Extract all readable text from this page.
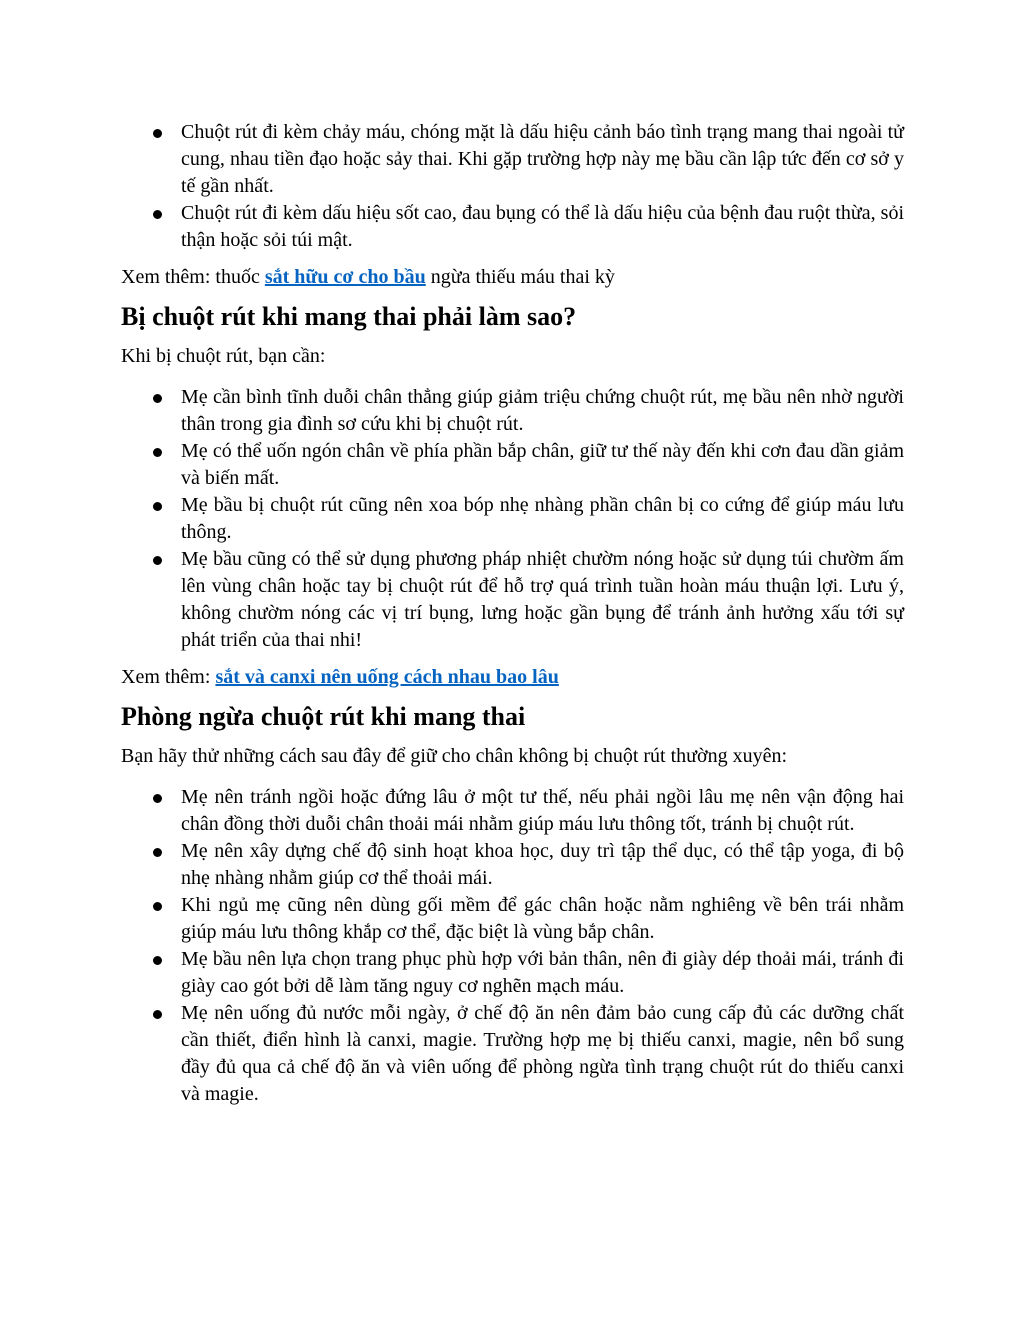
Chuột rút đi kèm chảy máu, chóng mặt là dấu hiệu cảnh báo tình trạng mang thai ngoài tử cung, nhau tiền đạo hoặc sảy thai. Khi gặp trường hợp này mẹ bầu cần lập tức đến cơ sở y tế gần nhất.
Chuột rút đi kèm dấu hiệu sốt cao, đau bụng có thể là dấu hiệu của bệnh đau ruột thừa, sỏi thận hoặc sỏi túi mật.

Xem thêm: thuốc sắt hữu cơ cho bầu ngừa thiếu máu thai kỳ

Bị chuột rút khi mang thai phải làm sao?

Khi bị chuột rút, bạn cần:

Mẹ cần bình tĩnh duỗi chân thẳng giúp giảm triệu chứng chuột rút, mẹ bầu nên nhờ người thân trong gia đình sơ cứu khi bị chuột rút.
Mẹ có thể uốn ngón chân về phía phần bắp chân, giữ tư thế này đến khi cơn đau dần giảm và biến mất.
Mẹ bầu bị chuột rút cũng nên xoa bóp nhẹ nhàng phần chân bị co cứng để giúp máu lưu thông.
Mẹ bầu cũng có thể sử dụng phương pháp nhiệt chườm nóng hoặc sử dụng túi chườm ấm lên vùng chân hoặc tay bị chuột rút để hỗ trợ quá trình tuần hoàn máu thuận lợi. Lưu ý, không chườm nóng các vị trí bụng, lưng hoặc gần bụng để tránh ảnh hưởng xấu tới sự phát triển của thai nhi!

Xem thêm: sắt và canxi nên uống cách nhau bao lâu

Phòng ngừa chuột rút khi mang thai

Bạn hãy thử những cách sau đây để giữ cho chân không bị chuột rút thường xuyên:

Mẹ nên tránh ngồi hoặc đứng lâu ở một tư thế, nếu phải ngồi lâu mẹ nên vận động hai chân đồng thời duỗi chân thoải mái nhằm giúp máu lưu thông tốt, tránh bị chuột rút.
Mẹ nên xây dựng chế độ sinh hoạt khoa học, duy trì tập thể dục, có thể tập yoga, đi bộ nhẹ nhàng nhằm giúp cơ thể thoải mái.
Khi ngủ mẹ cũng nên dùng gối mềm để gác chân hoặc nằm nghiêng về bên trái nhằm giúp máu lưu thông khắp cơ thể, đặc biệt là vùng bắp chân.
Mẹ bầu nên lựa chọn trang phục phù hợp với bản thân, nên đi giày dép thoải mái, tránh đi giày cao gót bởi dễ làm tăng nguy cơ nghẽn mạch máu.
Mẹ nên uống đủ nước mỗi ngày, ở chế độ ăn nên đảm bảo cung cấp đủ các dưỡng chất cần thiết, điển hình là canxi, magie. Trường hợp mẹ bị thiếu canxi, magie, nên bổ sung đầy đủ qua cả chế độ ăn và viên uống để phòng ngừa tình trạng chuột rút do thiếu canxi và magie.
